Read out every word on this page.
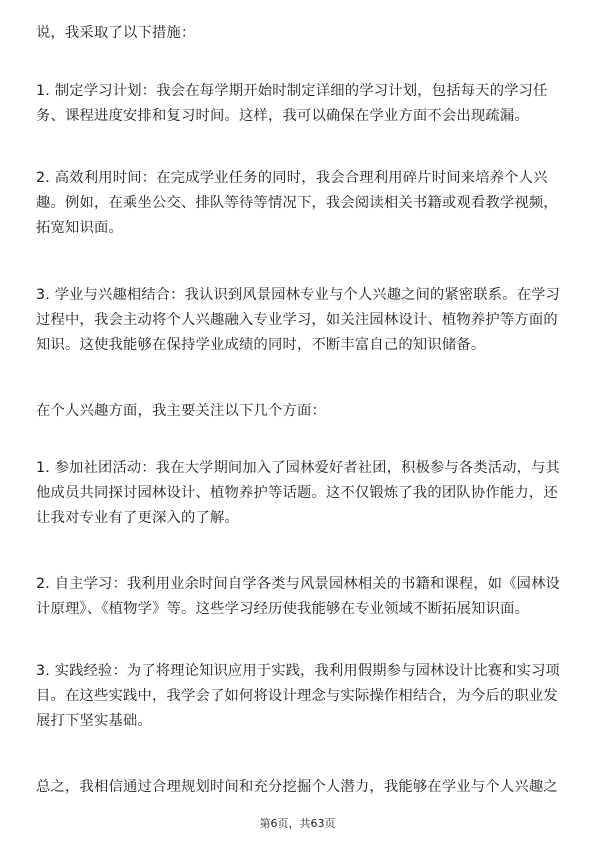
说，我采取了以下措施：

1. 制定学习计划：我会在每学期开始时制定详细的学习计划，包括每天的学习任
务、课程进度安排和复习时间。这样，我可以确保在学业方面不会出现疏漏。

2. 高效利用时间：在完成学业任务的同时，我会合理利用碎片时间来培养个人兴
趣。例如，在乘坐公交、排队等待等情况下，我会阅读相关书籍或观看教学视频，
拓宽知识面。

3. 学业与兴趣相结合：我认识到风景园林专业与个人兴趣之间的紧密联系。在学习
过程中，我会主动将个人兴趣融入专业学习，如关注园林设计、植物养护等方面的
知识。这使我能够在保持学业成绩的同时，不断丰富自己的知识储备。

在个人兴趣方面，我主要关注以下几个方面：

1. 参加社团活动：我在大学期间加入了园林爱好者社团，积极参与各类活动，与其
他成员共同探讨园林设计、植物养护等话题。这不仅锻炼了我的团队协作能力，还
让我对专业有了更深入的了解。

2. 自主学习：我利用业余时间自学各类与风景园林相关的书籍和课程，如《园林设
计原理》、《植物学》等。这些学习经历使我能够在专业领域不断拓展知识面。

3. 实践经验：为了将理论知识应用于实践，我利用假期参与园林设计比赛和实习项
目。在这些实践中，我学会了如何将设计理念与实际操作相结合，为今后的职业发
展打下坚实基础。

总之，我相信通过合理规划时间和充分挖掘个人潜力，我能够在学业与个人兴趣之

第6页，共63页
